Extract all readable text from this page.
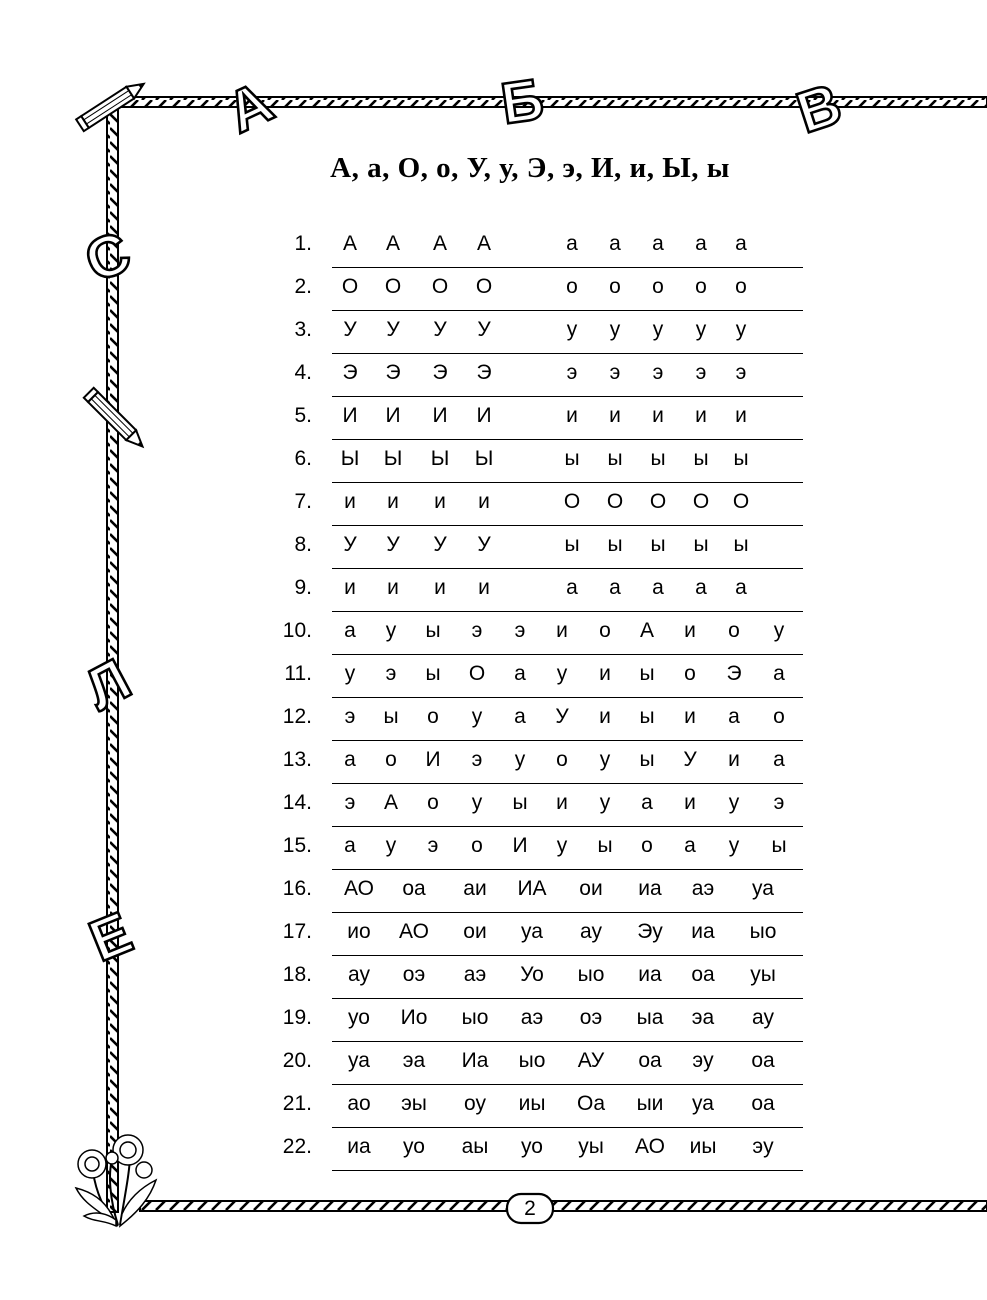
А	Б	В
С
Л
Е
А, а, О, о, У, у, Э, э, И, и, Ы, ы
1. А А А А	а а а а а
2. О О О О	о о о о о
3. У У У У	у у у у у
4. Э Э Э Э	э э э э э
5. И И И И	и и и и и
6. Ы Ы Ы Ы	ы ы ы ы ы
7. и и и и	О О О О О
8. У У У У	ы ы ы ы ы
9. и и и и	а а а а а
10. а у ы э э и о А и о у
11. у э ы О а у и ы о Э а
12. э ы о у а У и ы и а о
13. а о И э у о у ы У и а
14. э А о у ы и у а и у э
15. а у э о И у ы о а у ы
16. АО оа аи ИА ои иа аэ уа
17. ио АО ои уа ау Эу иа ыо
18. ау оэ аэ Уо ыо иа оа уы
19. уо Ио ыо аэ оэ ыа эа ау
20. уа эа Иа ыо АУ оа эу оа
21. ао эы оу иы Оа ыи уа оа
22. иа уо аы уо уы АО иы эу
2
